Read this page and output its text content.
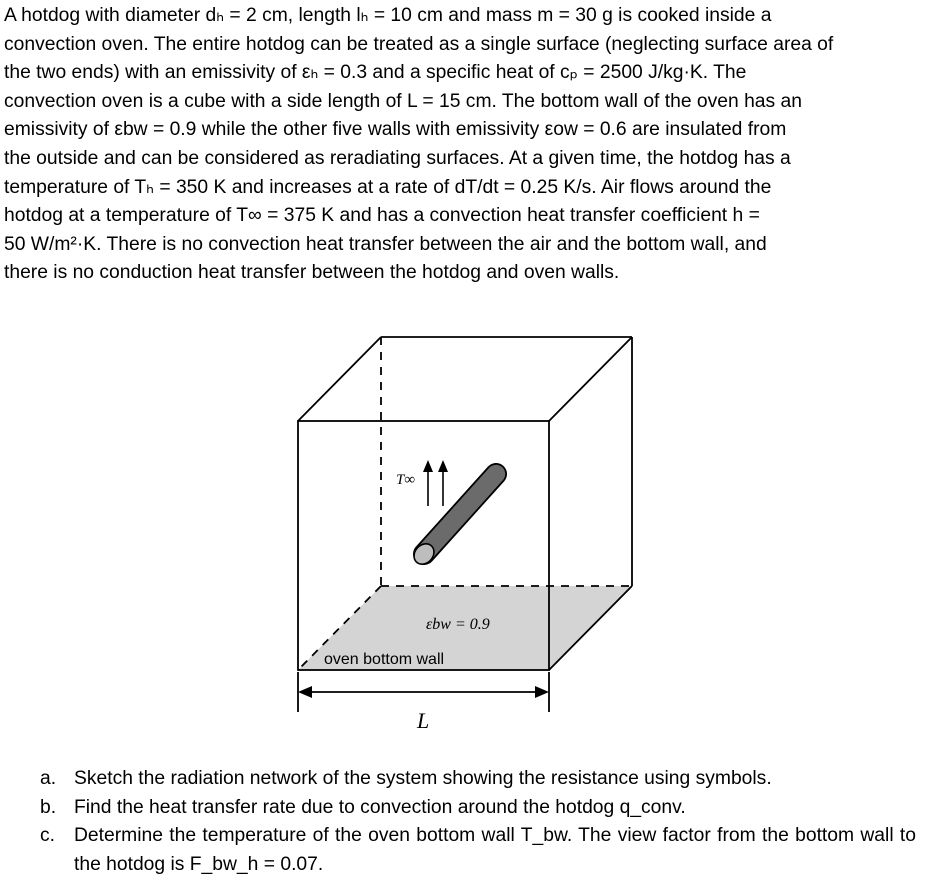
A hotdog with diameter dₕ = 2 cm, length lₕ = 10 cm and mass m = 30 g is cooked inside a
convection oven. The entire hotdog can be treated as a single surface (neglecting surface area of
the two ends) with an emissivity of εₕ = 0.3 and a specific heat of cₚ = 2500 J/kg·K. The
convection oven is a cube with a side length of L = 15 cm. The bottom wall of the oven has an
emissivity of εbw = 0.9 while the other five walls with emissivity εow = 0.6 are insulated from
the outside and can be considered as reradiating surfaces. At a given time, the hotdog has a
temperature of Tₕ = 350 K and increases at a rate of dT/dt = 0.25 K/s. Air flows around the
hotdog at a temperature of T∞ = 375 K and has a convection heat transfer coefficient h =
50 W/m²·K. There is no convection heat transfer between the air and the bottom wall, and
there is no conduction heat transfer between the hotdog and oven walls.
T∞
εbw = 0.9
oven bottom wall
L
a. Sketch the radiation network of the system showing the resistance using symbols.
b. Find the heat transfer rate due to convection around the hotdog q_conv.
c. Determine the temperature of the oven bottom wall T_bw. The view factor from the bottom wall to the hotdog is F_bw_h = 0.07.
